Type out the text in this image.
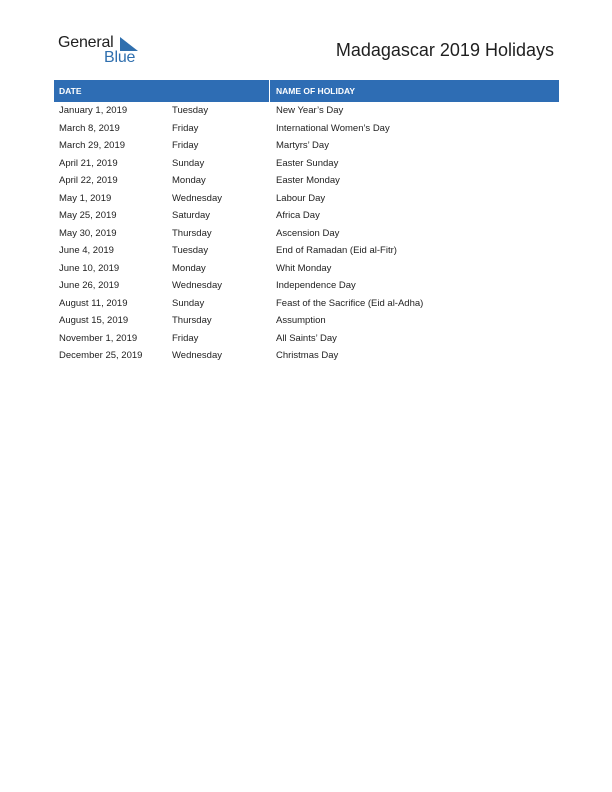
General
Blue	Madagascar 2019 Holidays
DATE	NAME OF HOLIDAY
January 1, 2019	Tuesday	New Year’s Day
March 8, 2019	Friday	International Women’s Day
March 29, 2019	Friday	Martyrs’ Day
April 21, 2019	Sunday	Easter Sunday
April 22, 2019	Monday	Easter Monday
May 1, 2019	Wednesday	Labour Day
May 25, 2019	Saturday	Africa Day
May 30, 2019	Thursday	Ascension Day
June 4, 2019	Tuesday	End of Ramadan (Eid al-Fitr)
June 10, 2019	Monday	Whit Monday
June 26, 2019	Wednesday	Independence Day
August 11, 2019	Sunday	Feast of the Sacrifice (Eid al-Adha)
August 15, 2019	Thursday	Assumption
November 1, 2019	Friday	All Saints’ Day
December 25, 2019	Wednesday	Christmas Day
